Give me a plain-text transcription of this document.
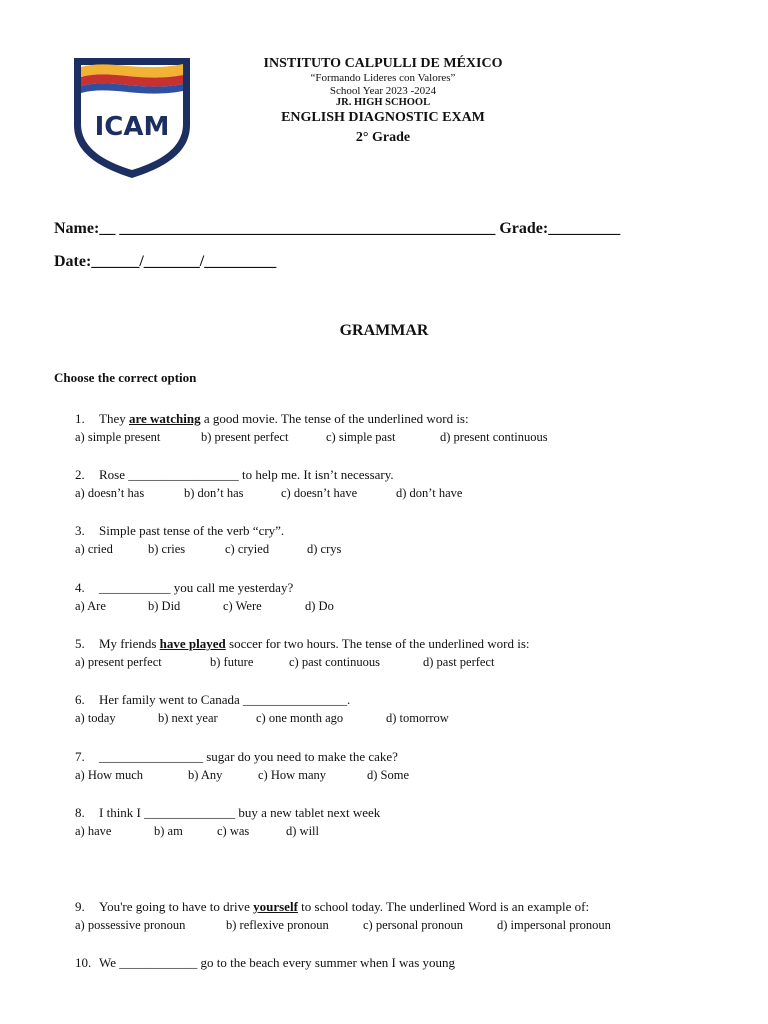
ICAM
INSTITUTO CALPULLI DE MÉXICO
“Formando Lideres con Valores”
School Year 2023 -2024
JR. HIGH SCHOOL
ENGLISH DIAGNOSTIC EXAM
2° Grade
Name:__ _______________________________________________ Grade:_________
Date:______/_______/_________
GRAMMAR
Choose the correct option
1. They are watching a good movie. The tense of the underlined word is:
a) simple present	b) present perfect	c) simple past	d) present continuous
2. Rose _________________ to help me. It isn’t necessary.
a) doesn’t has	b) don’t has	c) doesn’t have	d) don’t have
3. Simple past tense of the verb “cry”.
a) cried	b) cries	c) cryied	d) crys
4. ___________ you call me yesterday?
a) Are	b) Did	c) Were	d) Do
5. My friends have played soccer for two hours. The tense of the underlined word is:
a) present perfect	b) future	c) past continuous	d) past perfect
6. Her family went to Canada ________________.
a) today	b) next year	c) one month ago	d) tomorrow
7. ________________ sugar do you need to make the cake?
a) How much	b) Any	c) How many	d) Some
8. I think I ______________ buy a new tablet next week
a) have	b) am	c) was	d) will
9. You're going to have to drive yourself to school today. The underlined Word is an example of:
a) possessive pronoun	b) reflexive pronoun	c) personal pronoun	d) impersonal pronoun
10. We ____________ go to the beach every summer when I was young
